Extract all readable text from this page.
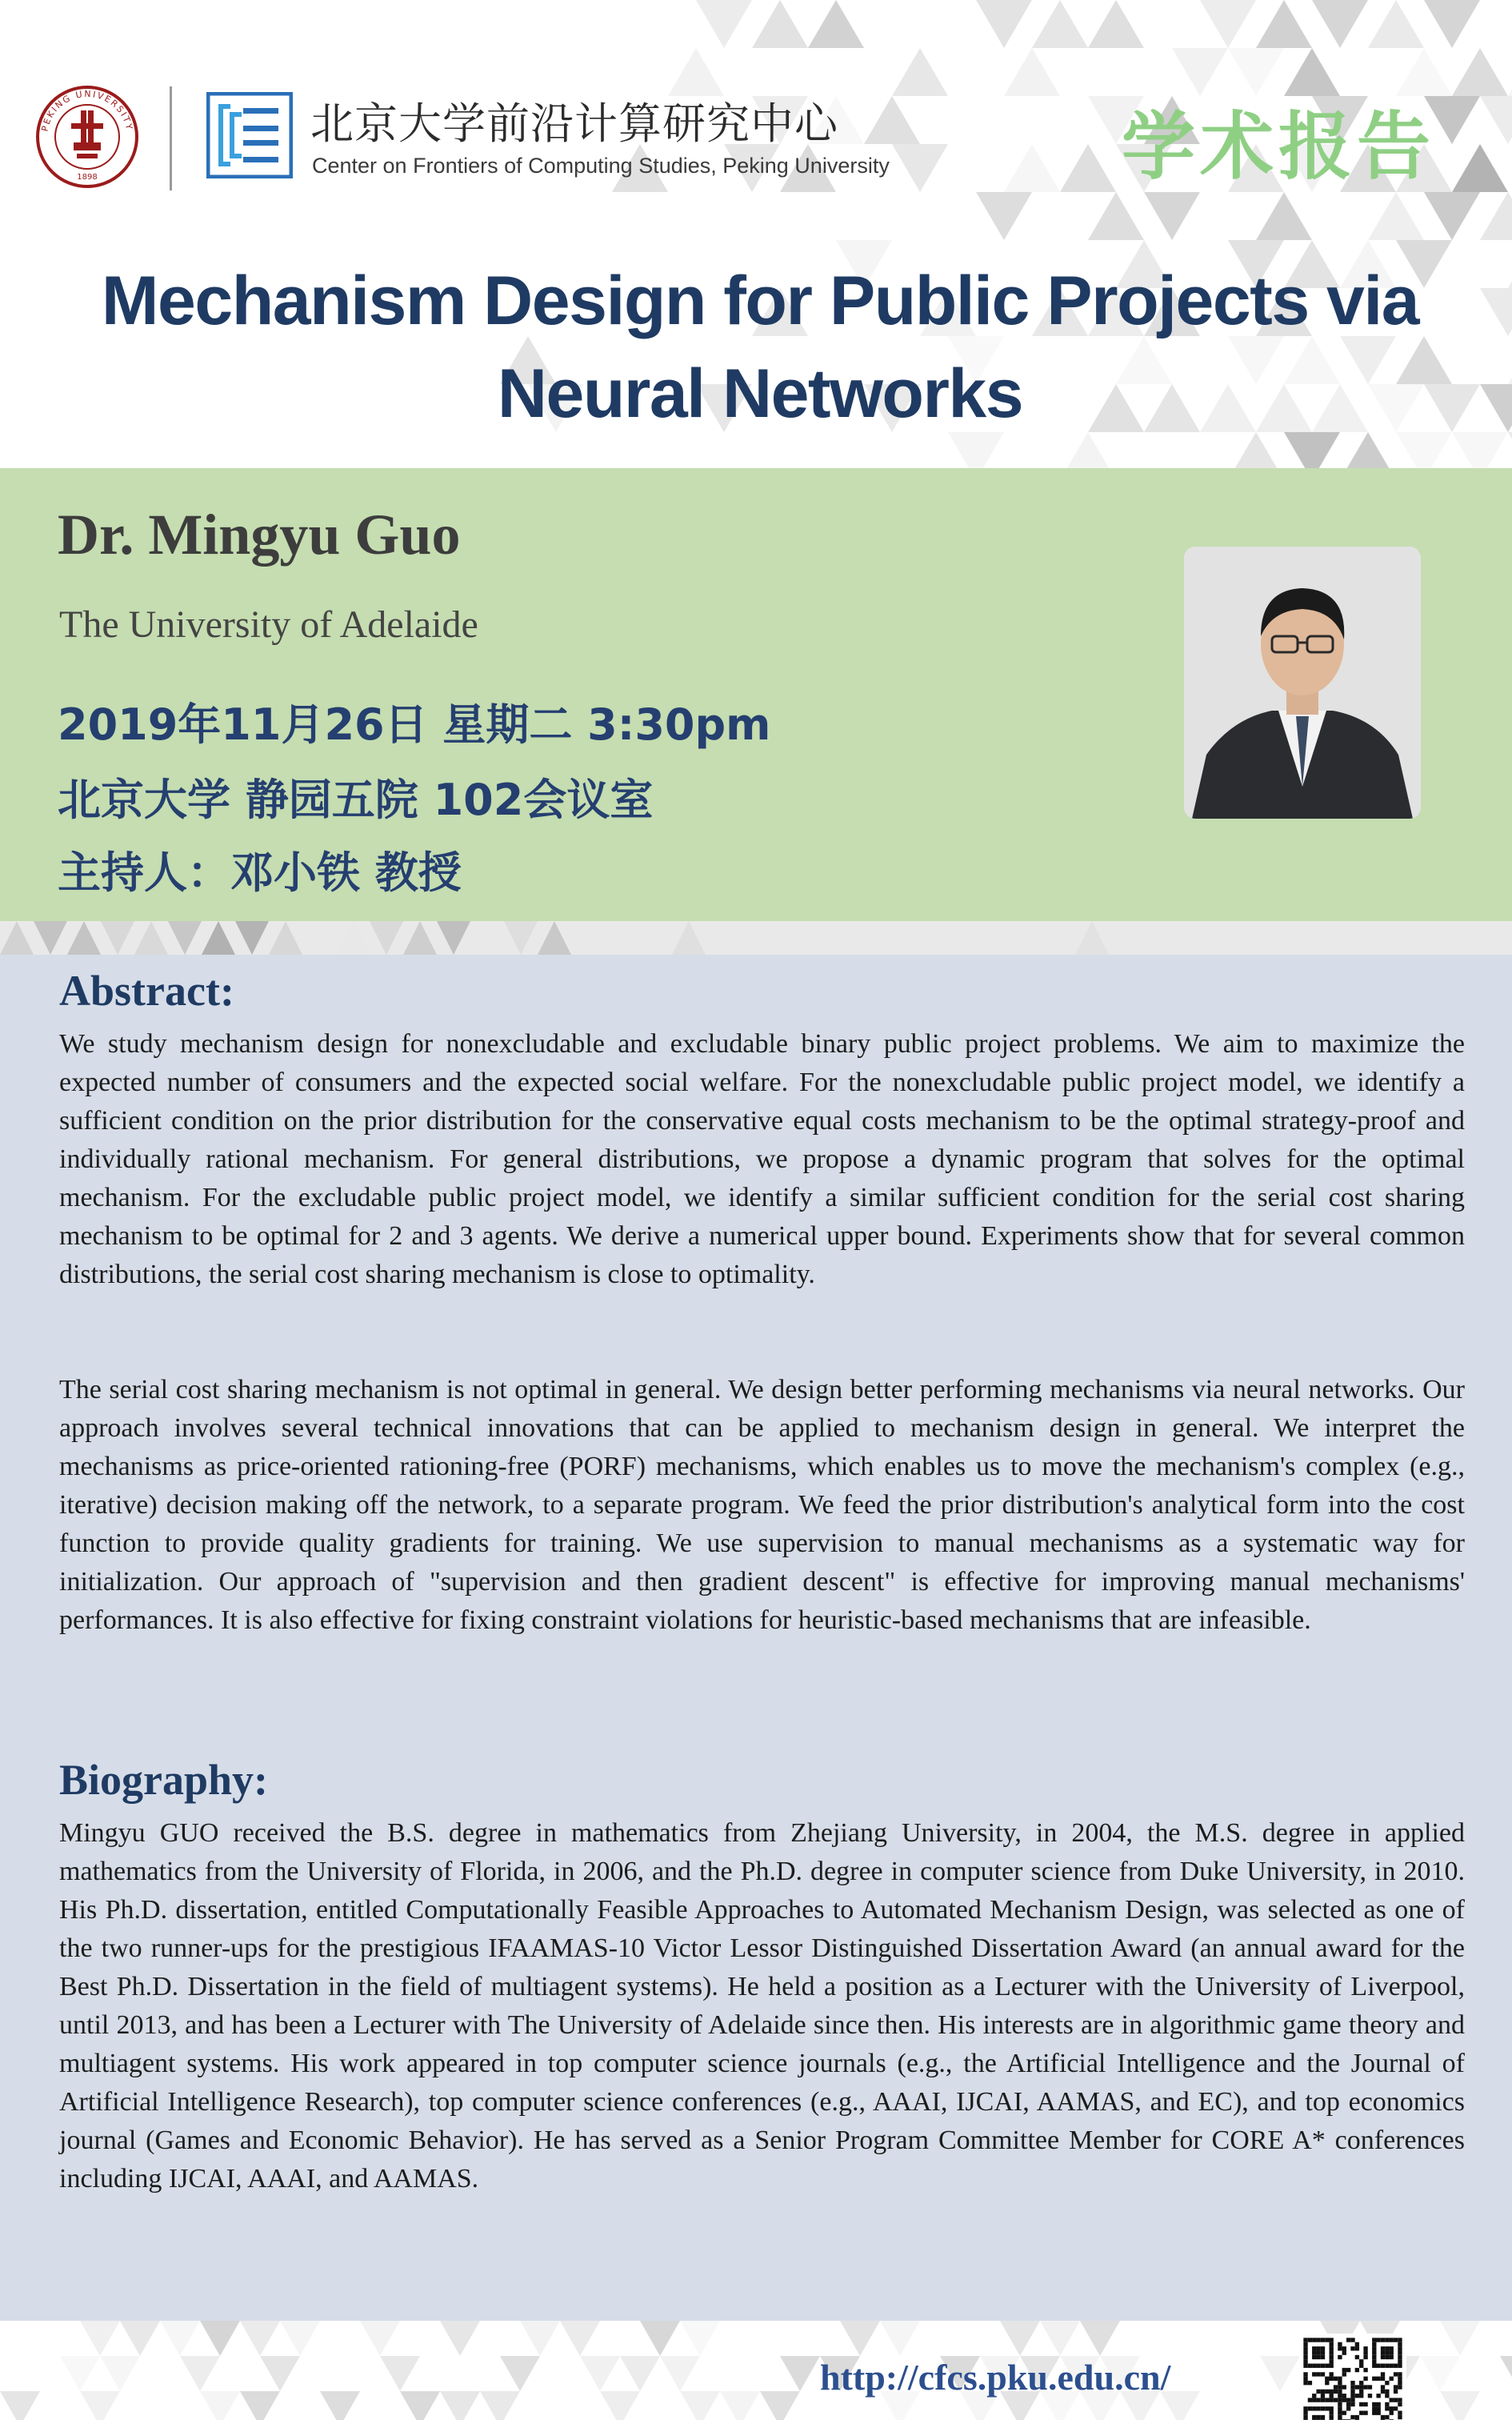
PEKING UNIVERSITY
1898
北京大学前沿计算研究中心
Center on Frontiers of Computing Studies, Peking University	学术报告
Mechanism Design for Public Projects via
Neural Networks
Dr. Mingyu Guo
The University of Adelaide
2019年11月26日 星期二 3:30pm
北京大学 静园五院 102会议室
主持人：邓小铁 教授
Abstract:
We study mechanism design for nonexcludable and excludable binary public project problems. We aim to maximize the expected number of consumers and the expected social welfare. For the nonexcludable public project model, we identify a sufficient condition on the prior distribution for the conservative equal costs mechanism to be the optimal strategy-proof and individually rational mechanism. For general distributions, we propose a dynamic program that solves for the optimal mechanism. For the excludable public project model, we identify a similar sufficient condition for the serial cost sharing mechanism to be optimal for 2 and 3 agents. We derive a numerical upper bound. Experiments show that for several common distributions, the serial cost sharing mechanism is close to optimality.
The serial cost sharing mechanism is not optimal in general. We design better performing mechanisms via neural networks. Our approach involves several technical innovations that can be applied to mechanism design in general. We interpret the mechanisms as price-oriented rationing-free (PORF) mechanisms, which enables us to move the mechanism's complex (e.g., iterative) decision making off the network, to a separate program. We feed the prior distribution's analytical form into the cost function to provide quality gradients for training. We use supervision to manual mechanisms as a systematic way for initialization. Our approach of "supervision and then gradient descent" is effective for improving manual mechanisms' performances. It is also effective for fixing constraint violations for heuristic-based mechanisms that are infeasible.
Biography:
Mingyu GUO received the B.S. degree in mathematics from Zhejiang University, in 2004, the M.S. degree in applied mathematics from the University of Florida, in 2006, and the Ph.D. degree in computer science from Duke University, in 2010. His Ph.D. dissertation, entitled Computationally Feasible Approaches to Automated Mechanism Design, was selected as one of the two runner-ups for the prestigious IFAAMAS-10 Victor Lessor Distinguished Dissertation Award (an annual award for the Best Ph.D. Dissertation in the field of multiagent systems). He held a position as a Lecturer with the University of Liverpool, until 2013, and has been a Lecturer with The University of Adelaide since then. His interests are in algorithmic game theory and multiagent systems. His work appeared in top computer science journals (e.g., the Artificial Intelligence and the Journal of Artificial Intelligence Research), top computer science conferences (e.g., AAAI, IJCAI, AAMAS, and EC), and top economics journal (Games and Economic Behavior). He has served as a Senior Program Committee Member for CORE A* conferences including IJCAI, AAAI, and AAMAS.
http://cfcs.pku.edu.cn/
